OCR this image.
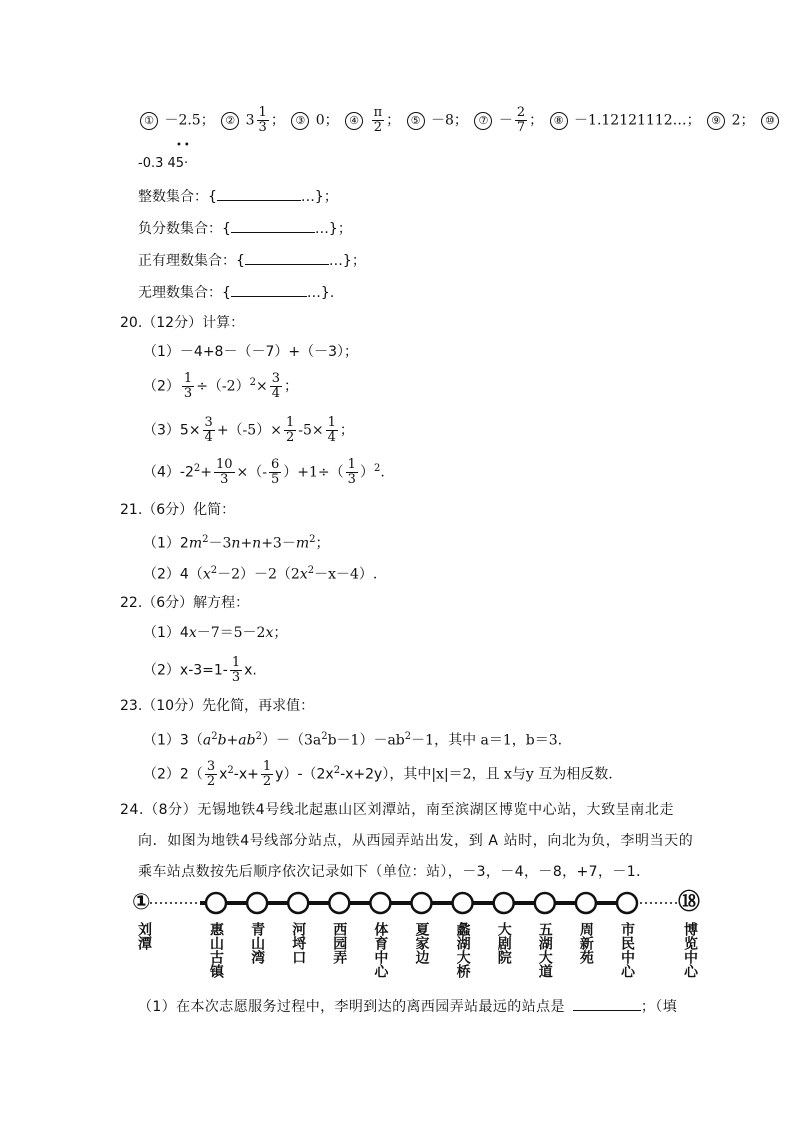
① －2.5； ② $3 \frac{1}{3}$ ； ③ 0； ④ $\frac{\pi}{2}$ ； ⑤ －8； ⑦ － $\frac{2}{7}$ ； ⑧ －1.12121112…； ⑨ 2； ⑩
••
-0.3 45·
整数集合：{	…}；
负分数集合：{	…}；
正有理数集合：{	…}；
无理数集合：{	…}.
20.（12分）计算：
（1）－4+8－（－7）+（－3）；
$(2) \frac{1}{3} \div(-2)^2\times \frac{3}{4}$ ；
$(3)5\times \frac{3}{4} +(-5)\times \frac{1}{2} -5\times \frac{1}{4}$ ；
$(4)-2^2+ \frac{10}{3}$ ×（- $\frac{6}{5} )+1\div( \frac{1}{3} )^2$.
21.（6分）化简：
$(1)2m^2-3n+n+3-m^2$；
$(2)4(x^2-2)-2(2x^2-x-4)$.
22.（6分）解方程：
（1）4x－7＝5－2x；
$(2)x-3=1- \frac{1}{3} x$.
23.（10分）先化简，再求值：
$(1)3(a^2b+ab^2)-(3a^2b-1)-ab^2-1$，其中 a＝1，b＝3.
$(2)2( \frac{3}{2} x^2-x+ \frac{1}{2} y)-(2x^2-x+2y)$，其中|x|＝2，且 x与y 互为相反数.
24.（8分）无锡地铁4号线北起惠山区刘潭站，南至滨湖区博览中心站，大致呈南北走
向．如图为地铁4号线部分站点，从西园弄站出发，到 A 站时，向北为负，李明当天的
乘车站点数按先后顺序依次记录如下（单位：站），－3，－4，－8，+7，－1．
①	⑱
刘潭	惠山古镇 青山湾 河埒口 西园弄 体育中心 夏家边 蠡湖大桥 大剧院 五湖大道 周新苑 市民中心	博览中心
（1）在本次志愿服务过程中，李明到达的离西园弄站最远的站点是	；（填
